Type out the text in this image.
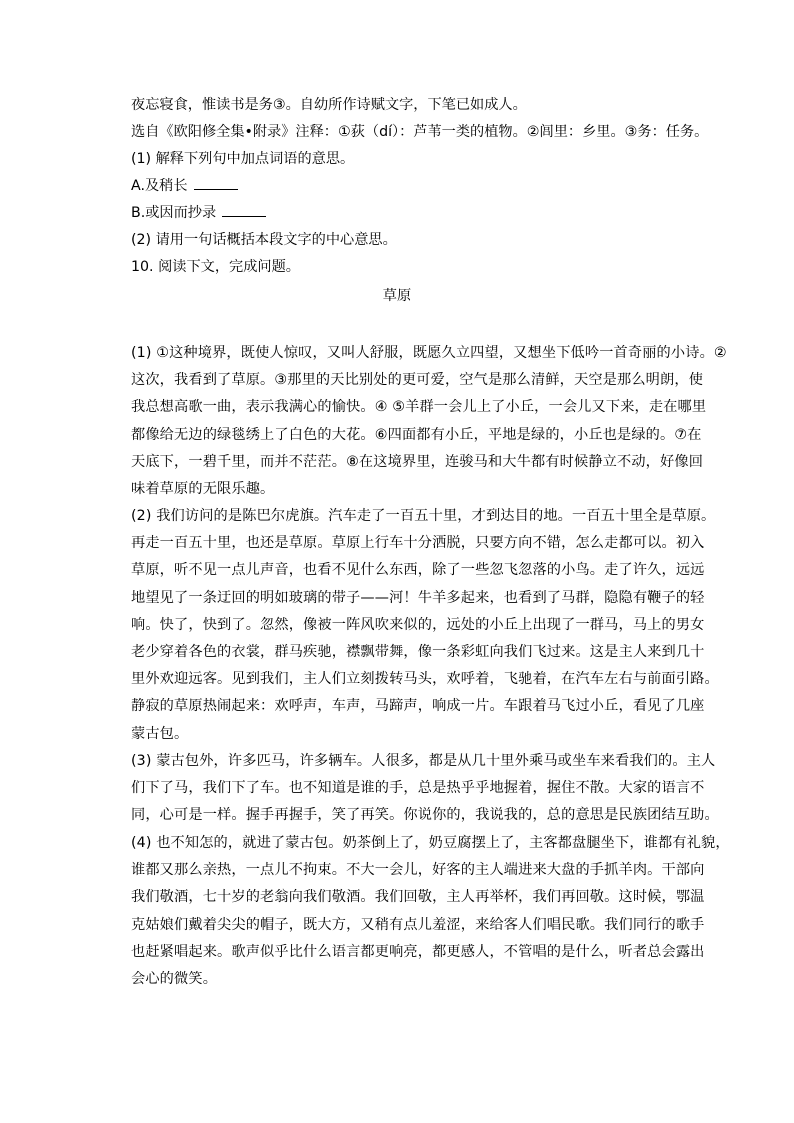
夜忘寝食，惟读书是务③。自幼所作诗赋文字，下笔已如成人。
选自《欧阳修全集•附录》注释：①荻（dí）：芦苇一类的植物。②闾里：乡里。③务：任务。
(1) 解释下列句中加点词语的意思。
A.及稍长
B.或因而抄录
(2) 请用一句话概括本段文字的中心意思。
10. 阅读下文，完成问题。
草原
(1) ①这种境界，既使人惊叹，又叫人舒服，既愿久立四望，又想坐下低吟一首奇丽的小诗。②
这次，我看到了草原。③那里的天比别处的更可爱，空气是那么清鲜，天空是那么明朗，使
我总想高歌一曲，表示我满心的愉快。④ ⑤羊群一会儿上了小丘，一会儿又下来，走在哪里
都像给无边的绿毯绣上了白色的大花。⑥四面都有小丘，平地是绿的，小丘也是绿的。⑦在
天底下，一碧千里，而并不茫茫。⑧在这境界里，连骏马和大牛都有时候静立不动，好像回
味着草原的无限乐趣。
(2) 我们访问的是陈巴尔虎旗。汽车走了一百五十里，才到达目的地。一百五十里全是草原。
再走一百五十里，也还是草原。草原上行车十分洒脱，只要方向不错，怎么走都可以。初入
草原，听不见一点儿声音，也看不见什么东西，除了一些忽飞忽落的小鸟。走了许久，远远
地望见了一条迂回的明如玻璃的带子——河！牛羊多起来，也看到了马群，隐隐有鞭子的轻
响。快了，快到了。忽然，像被一阵风吹来似的，远处的小丘上出现了一群马，马上的男女
老少穿着各色的衣裳，群马疾驰，襟飘带舞，像一条彩虹向我们飞过来。这是主人来到几十
里外欢迎远客。见到我们，主人们立刻拨转马头，欢呼着，飞驰着，在汽车左右与前面引路。
静寂的草原热闹起来：欢呼声，车声，马蹄声，响成一片。车跟着马飞过小丘，看见了几座
蒙古包。
(3) 蒙古包外，许多匹马，许多辆车。人很多，都是从几十里外乘马或坐车来看我们的。主人
们下了马，我们下了车。也不知道是谁的手，总是热乎乎地握着，握住不散。大家的语言不
同，心可是一样。握手再握手，笑了再笑。你说你的，我说我的，总的意思是民族团结互助。
(4) 也不知怎的，就进了蒙古包。奶茶倒上了，奶豆腐摆上了，主客都盘腿坐下，谁都有礼貌，
谁都又那么亲热，一点儿不拘束。不大一会儿，好客的主人端进来大盘的手抓羊肉。干部向
我们敬酒，七十岁的老翁向我们敬酒。我们回敬，主人再举杯，我们再回敬。这时候，鄂温
克姑娘们戴着尖尖的帽子，既大方，又稍有点儿羞涩，来给客人们唱民歌。我们同行的歌手
也赶紧唱起来。歌声似乎比什么语言都更响亮，都更感人，不管唱的是什么，听者总会露出
会心的微笑。
